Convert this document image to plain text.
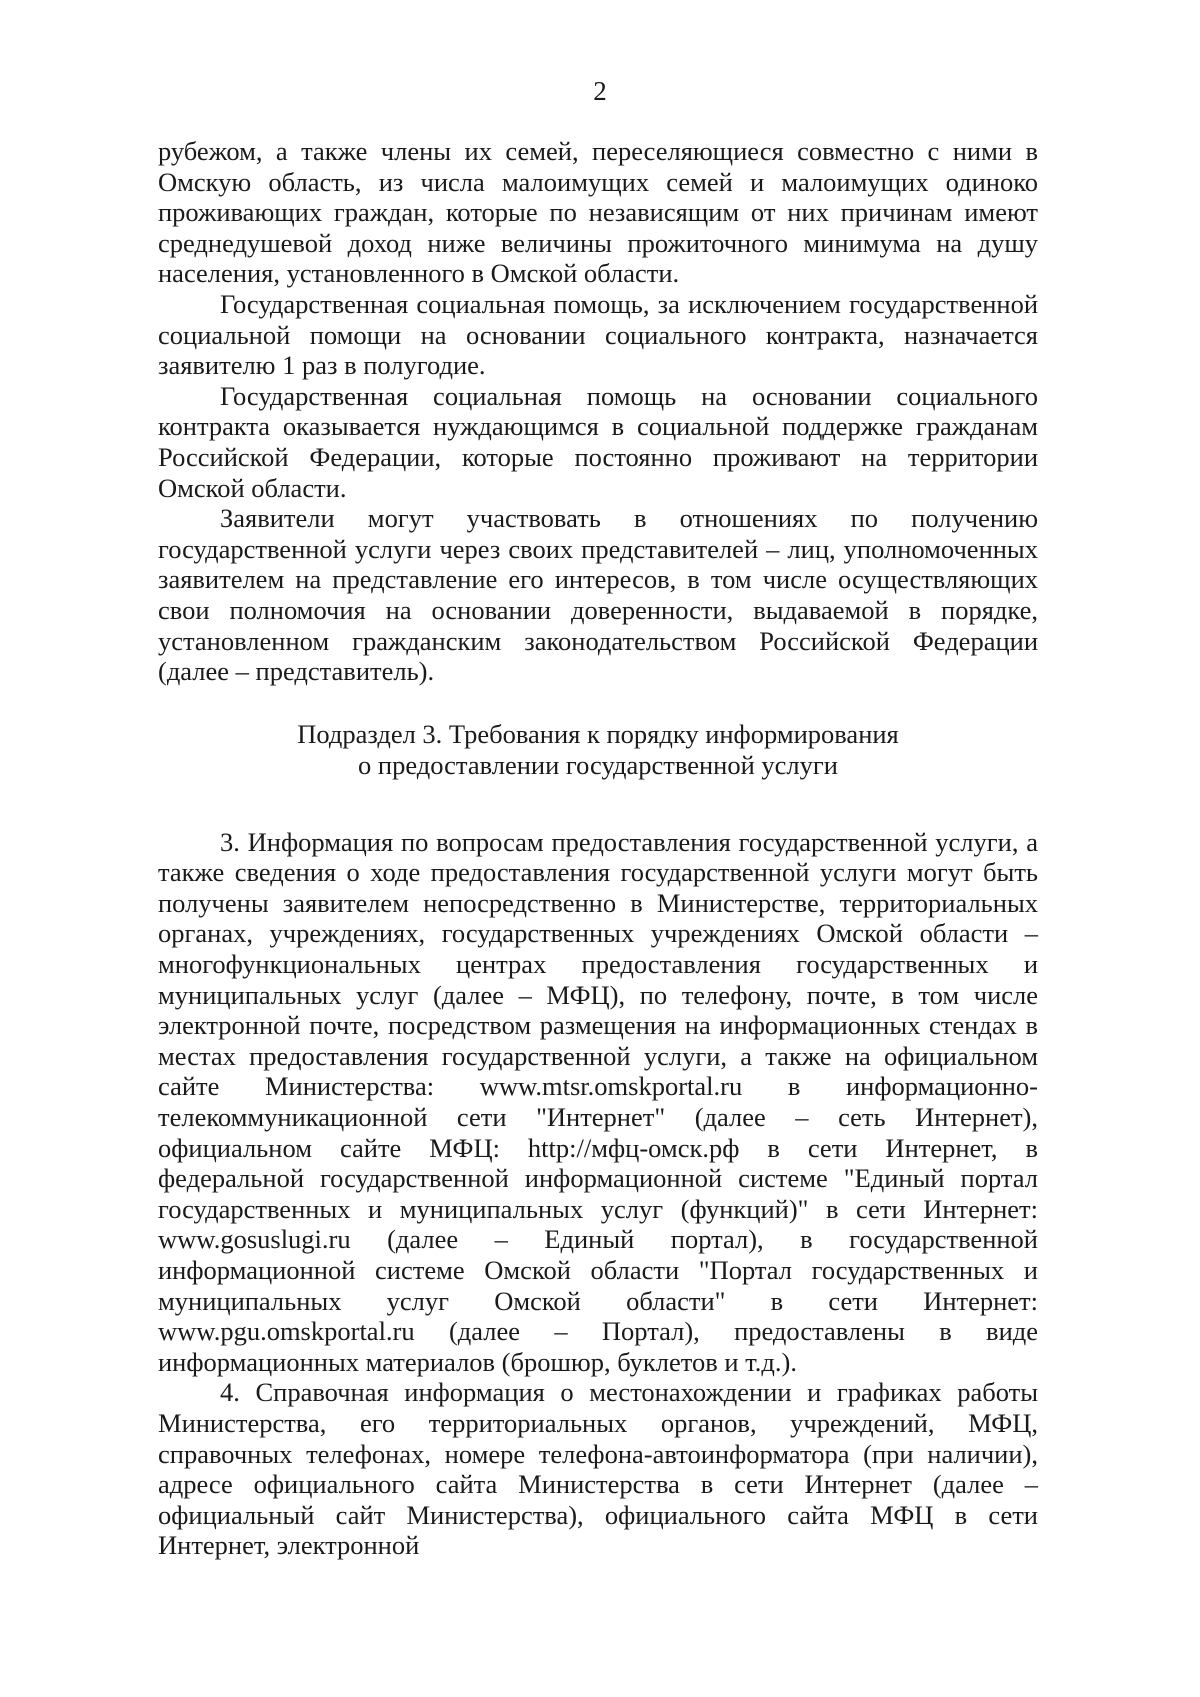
2

рубежом, а также члены их семей, переселяющиеся совместно с ними в Омскую область, из числа малоимущих семей и малоимущих одиноко проживающих граждан, которые по независящим от них причинам имеют среднедушевой доход ниже величины прожиточного минимума на душу населения, установленного в Омской области.

Государственная социальная помощь, за исключением государственной социальной помощи на основании социального контракта, назначается заявителю 1 раз в полугодие.

Государственная социальная помощь на основании социального контракта оказывается нуждающимся в социальной поддержке гражданам Российской Федерации, которые постоянно проживают на территории Омской области.

Заявители могут участвовать в отношениях по получению государственной услуги через своих представителей – лиц, уполномоченных заявителем на представление его интересов, в том числе осуществляющих свои полномочия на основании доверенности, выдаваемой в порядке, установленном гражданским законодательством Российской Федерации (далее – представитель).

Подраздел 3. Требования к порядку информирования
о предоставлении государственной услуги

3. Информация по вопросам предоставления государственной услуги, а также сведения о ходе предоставления государственной услуги могут быть получены заявителем непосредственно в Министерстве, территориальных органах, учреждениях, государственных учреждениях Омской области – многофункциональных центрах предоставления государственных и муниципальных услуг (далее – МФЦ), по телефону, почте, в том числе электронной почте, посредством размещения на информационных стендах в местах предоставления государственной услуги, а также на официальном сайте Министерства: www.mtsr.omskportal.ru в информационно-телекоммуникационной сети "Интернет" (далее – сеть Интернет), официальном сайте МФЦ: http://мфц-омск.рф в сети Интернет, в федеральной государственной информационной системе "Единый портал государственных и муниципальных услуг (функций)" в сети Интернет: www.gosuslugi.ru (далее – Единый портал), в государственной информационной системе Омской области "Портал государственных и муниципальных услуг Омской области" в сети Интернет: www.pgu.omskportal.ru (далее – Портал), предоставлены в виде информационных материалов (брошюр, буклетов и т.д.).

4. Справочная информация о местонахождении и графиках работы Министерства, его территориальных органов, учреждений, МФЦ, справочных телефонах, номере телефона-автоинформатора (при наличии), адресе официального сайта Министерства в сети Интернет (далее – официальный сайт Министерства), официального сайта МФЦ в сети Интернет, электронной
